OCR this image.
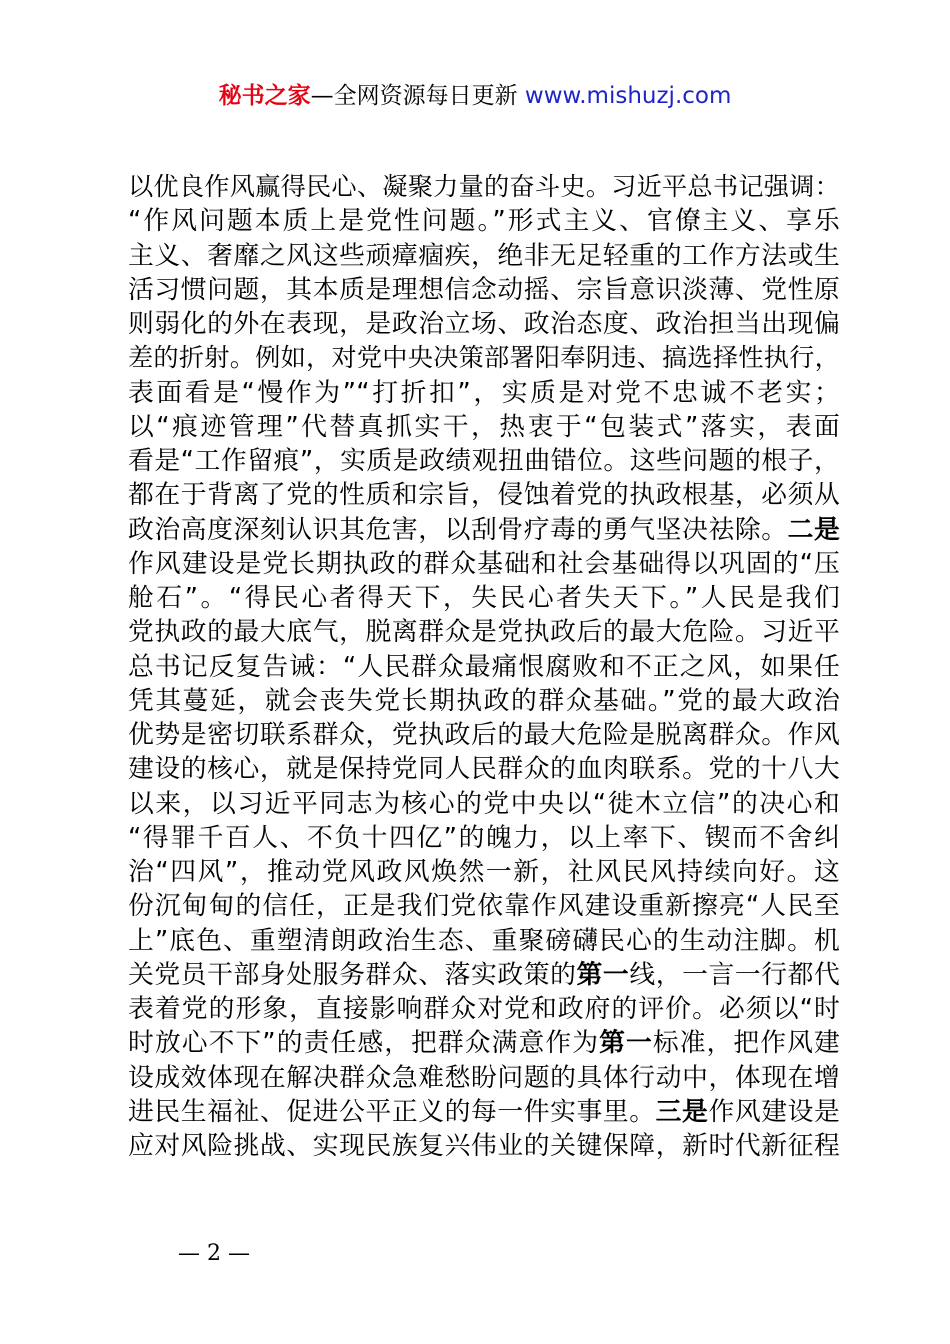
秘书之家—全网资源每日更新 www.mishuzj.com
以优良作风赢得民心、凝聚力量的奋斗史。习近平总书记强调：
“作风问题本质上是党性问题。”形式主义、官僚主义、享乐
主义、奢靡之风这些顽瘴痼疾，绝非无足轻重的工作方法或生
活习惯问题，其本质是理想信念动摇、宗旨意识淡薄、党性原
则弱化的外在表现，是政治立场、政治态度、政治担当出现偏
差的折射。例如，对党中央决策部署阳奉阴违、搞选择性执行，
表面看是“慢作为”“打折扣”，实质是对党不忠诚不老实；
以“痕迹管理”代替真抓实干，热衷于“包装式”落实，表面
看是“工作留痕”，实质是政绩观扭曲错位。这些问题的根子，
都在于背离了党的性质和宗旨，侵蚀着党的执政根基，必须从
政治高度深刻认识其危害，以刮骨疗毒的勇气坚决祛除。二是
作风建设是党长期执政的群众基础和社会基础得以巩固的“压
舱石”。“得民心者得天下，失民心者失天下。”人民是我们
党执政的最大底气，脱离群众是党执政后的最大危险。习近平
总书记反复告诫：“人民群众最痛恨腐败和不正之风，如果任
凭其蔓延，就会丧失党长期执政的群众基础。”党的最大政治
优势是密切联系群众，党执政后的最大危险是脱离群众。作风
建设的核心，就是保持党同人民群众的血肉联系。党的十八大
以来，以习近平同志为核心的党中央以“徙木立信”的决心和
“得罪千百人、不负十四亿”的魄力，以上率下、锲而不舍纠
治“四风”，推动党风政风焕然一新，社风民风持续向好。这
份沉甸甸的信任，正是我们党依靠作风建设重新擦亮“人民至
上”底色、重塑清朗政治生态、重聚磅礴民心的生动注脚。机
关党员干部身处服务群众、落实政策的第一线，一言一行都代
表着党的形象，直接影响群众对党和政府的评价。必须以“时
时放心不下”的责任感，把群众满意作为第一标准，把作风建
设成效体现在解决群众急难愁盼问题的具体行动中，体现在增
进民生福祉、促进公平正义的每一件实事里。三是作风建设是
应对风险挑战、实现民族复兴伟业的关键保障，新时代新征程
— 2 —
